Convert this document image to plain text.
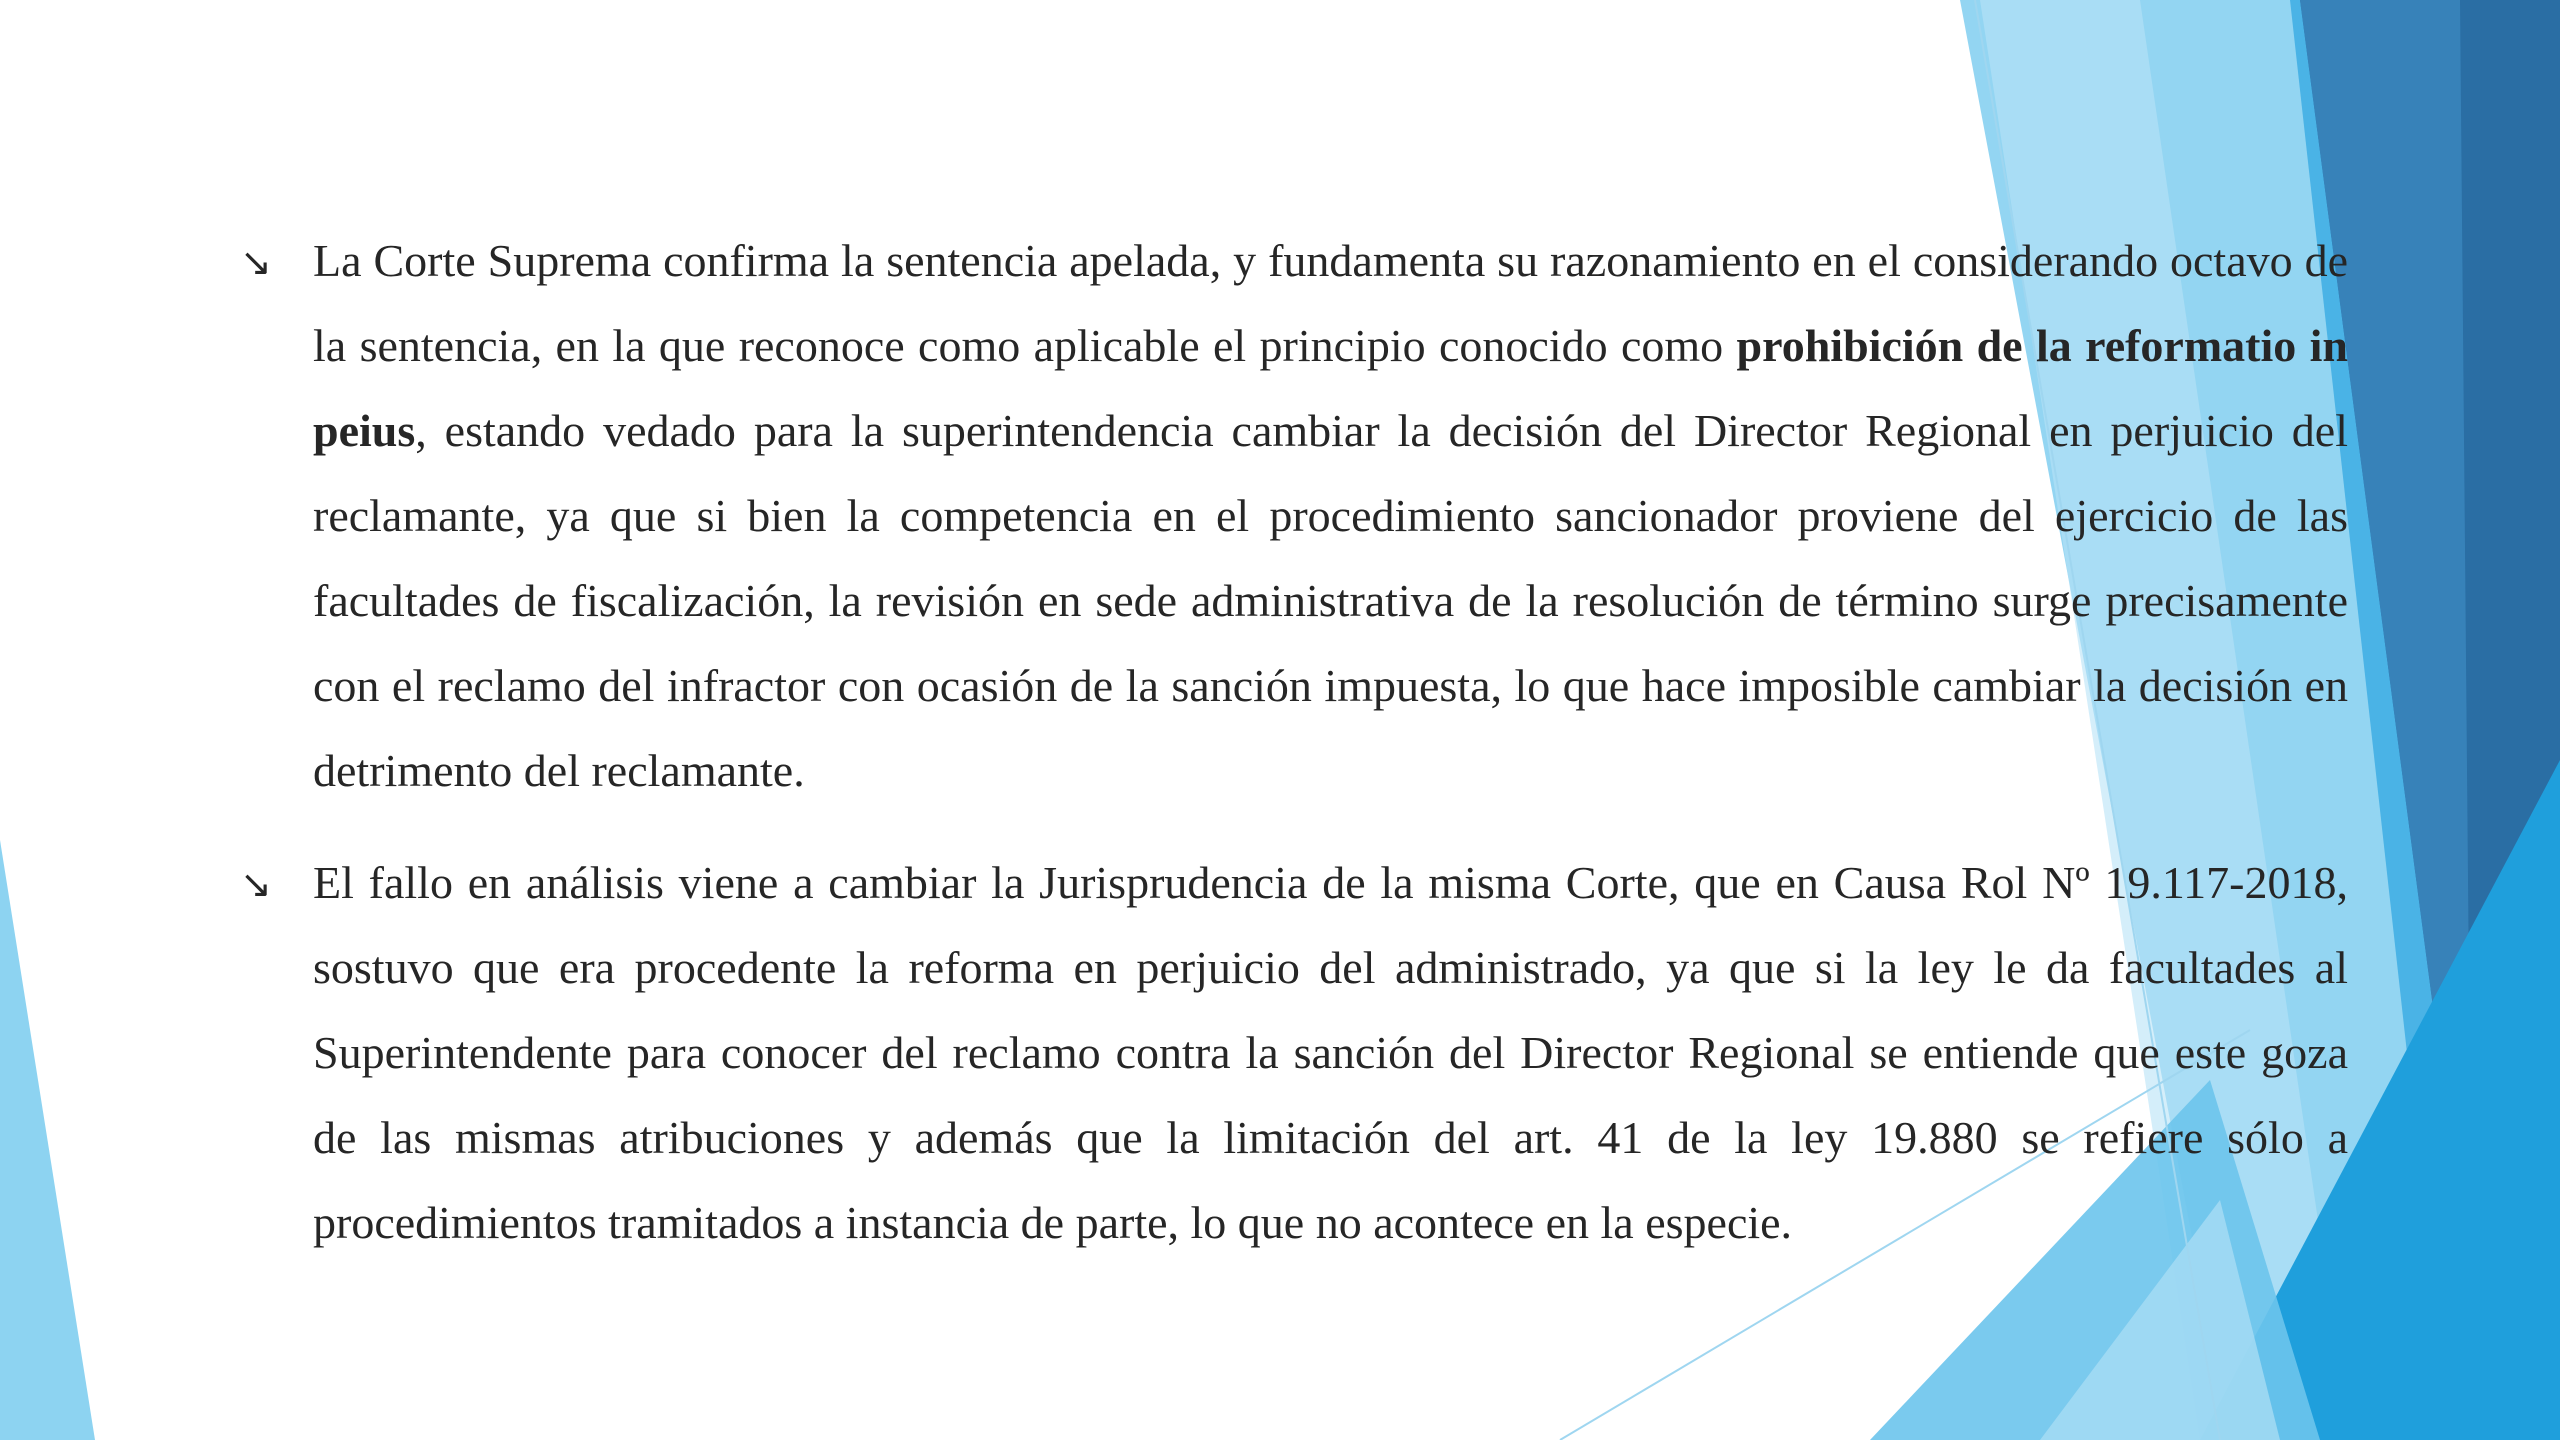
↘ La Corte Suprema confirma la sentencia apelada, y fundamenta su razonamiento en el considerando octavo de la sentencia, en la que reconoce como aplicable el principio conocido como prohibición de la reformatio in peius, estando vedado para la superintendencia cambiar la decisión del Director Regional en perjuicio del reclamante, ya que si bien la competencia en el procedimiento sancionador proviene del ejercicio de las facultades de fiscalización, la revisión en sede administrativa de la resolución de término surge precisamente con el reclamo del infractor con ocasión de la sanción impuesta, lo que hace imposible cambiar la decisión en detrimento del reclamante.
↘ El fallo en análisis viene a cambiar la Jurisprudencia de la misma Corte, que en Causa Rol Nº 19.117-2018, sostuvo que era procedente la reforma en perjuicio del administrado, ya que si la ley le da facultades al Superintendente para conocer del reclamo contra la sanción del Director Regional se entiende que este goza de las mismas atribuciones y además que la limitación del art. 41 de la ley 19.880 se refiere sólo a procedimientos tramitados a instancia de parte, lo que no acontece en la especie.
